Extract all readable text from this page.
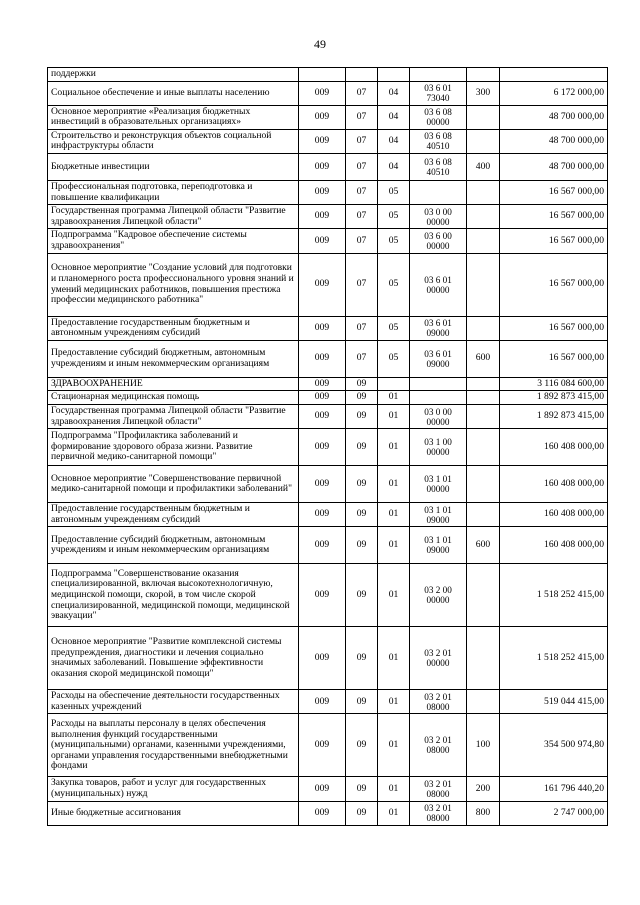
49
поддержки						
Социальное обеспечение и иные выплаты населению	009	07	04	03 6 01 73040	300	6 172 000,00
Основное мероприятие «Реализация бюджетных инвестиций в образовательных организациях»	009	07	04	03 6 08 00000		48 700 000,00
Строительство и реконструкция объектов социальной инфраструктуры области	009	07	04	03 6 08 40510		48 700 000,00
Бюджетные инвестиции	009	07	04	03 6 08 40510	400	48 700 000,00
Профессиональная подготовка, переподготовка и повышение квалификации	009	07	05			16 567 000,00
Государственная программа Липецкой области "Развитие здравоохранения Липецкой области"	009	07	05	03 0 00 00000		16 567 000,00
Подпрограмма "Кадровое обеспечение системы здравоохранения"	009	07	05	03 6 00 00000		16 567 000,00
Основное мероприятие "Создание условий для подготовки и планомерного роста профессионального уровня знаний и умений медицинских работников, повышения престижа профессии медицинского работника"	009	07	05	03 6 01 00000		16 567 000,00
Предоставление государственным бюджетным и автономным учреждениям субсидий	009	07	05	03 6 01 09000		16 567 000,00
Предоставление субсидий бюджетным, автономным учреждениям и иным некоммерческим организациям	009	07	05	03 6 01 09000	600	16 567 000,00
ЗДРАВООХРАНЕНИЕ	009	09				3 116 084 600,00
Стационарная медицинская помощь	009	09	01			1 892 873 415,00
Государственная программа Липецкой области "Развитие здравоохранения Липецкой области"	009	09	01	03 0 00 00000		1 892 873 415,00
Подпрограмма "Профилактика заболеваний и формирование здорового образа жизни. Развитие первичной медико-санитарной помощи"	009	09	01	03 1 00 00000		160 408 000,00
Основное мероприятие "Совершенствование первичной медико-санитарной помощи и профилактики заболеваний"	009	09	01	03 1 01 00000		160 408 000,00
Предоставление государственным бюджетным и автономным учреждениям субсидий	009	09	01	03 1 01 09000		160 408 000,00
Предоставление субсидий бюджетным, автономным учреждениям и иным некоммерческим организациям	009	09	01	03 1 01 09000	600	160 408 000,00
Подпрограмма "Совершенствование оказания специализированной, включая высокотехнологичную, медицинской помощи, скорой, в том числе скорой специализированной, медицинской помощи, медицинской эвакуации"	009	09	01	03 2 00 00000		1 518 252 415,00
Основное мероприятие "Развитие комплексной системы предупреждения, диагностики и лечения социально значимых заболеваний. Повышение эффективности оказания скорой медицинской помощи"	009	09	01	03 2 01 00000		1 518 252 415,00
Расходы на обеспечение деятельности государственных казенных учреждений	009	09	01	03 2 01 08000		519 044 415,00
Расходы на выплаты персоналу в целях обеспечения выполнения функций государственными (муниципальными) органами, казенными учреждениями, органами управления государственными внебюджетными фондами	009	09	01	03 2 01 08000	100	354 500 974,80
Закупка товаров, работ и услуг для государственных (муниципальных) нужд	009	09	01	03 2 01 08000	200	161 796 440,20
Иные бюджетные ассигнования	009	09	01	03 2 01 08000	800	2 747 000,00
